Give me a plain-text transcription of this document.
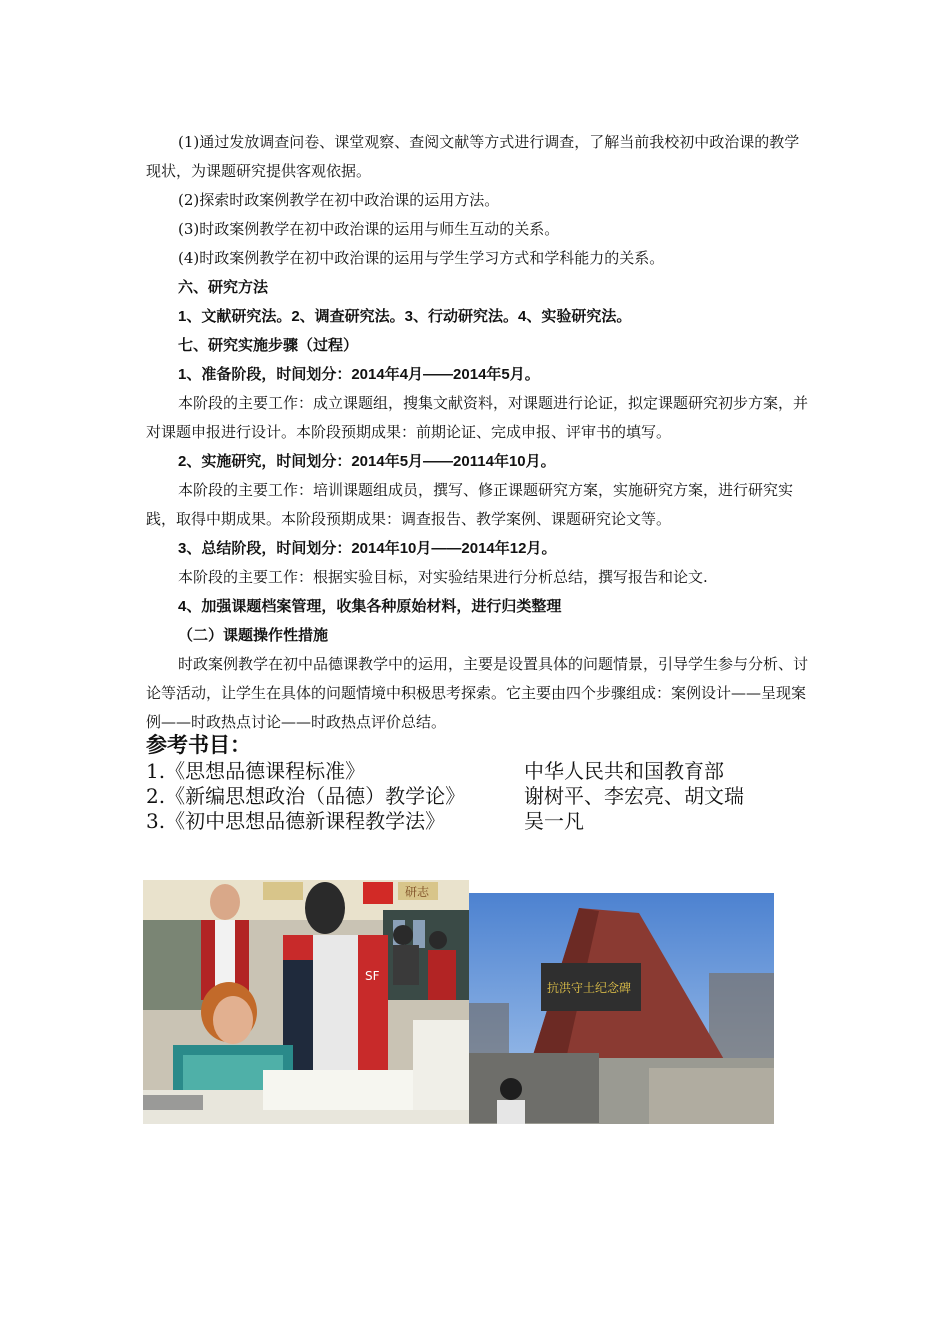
(1)通过发放调查问卷、课堂观察、查阅文献等方式进行调查，了解当前我校初中政治课的教学现状，为课题研究提供客观依据。

(2)探索时政案例教学在初中政治课的运用方法。

(3)时政案例教学在初中政治课的运用与师生互动的关系。

(4)时政案例教学在初中政治课的运用与学生学习方式和学科能力的关系。

六、研究方法

1、文献研究法。2、调查研究法。3、行动研究法。4、实验研究法。

七、研究实施步骤（过程）

1、准备阶段，时间划分：2014年4月——2014年5月。

本阶段的主要工作：成立课题组，搜集文献资料，对课题进行论证，拟定课题研究初步方案，并对课题申报进行设计。本阶段预期成果：前期论证、完成申报、评审书的填写。

2、实施研究，时间划分：2014年5月——20114年10月。

本阶段的主要工作：培训课题组成员，撰写、修正课题研究方案，实施研究方案，进行研究实践，取得中期成果。本阶段预期成果：调查报告、教学案例、课题研究论文等。

3、总结阶段，时间划分：2014年10月——2014年12月。

本阶段的主要工作：根据实验目标，对实验结果进行分析总结，撰写报告和论文.

4、加强课题档案管理，收集各种原始材料，进行归类整理

（二）课题操作性措施

时政案例教学在初中品德课教学中的运用，主要是设置具体的问题情景，引导学生参与分析、讨论等活动，让学生在具体的问题情境中积极思考探索。它主要由四个步骤组成：案例设计——呈现案例——时政热点讨论——时政热点评价总结。

参考书目：
1.《思想品德课程标准》	中华人民共和国教育部
2.《新编思想政治（品德）教学论》	谢树平、李宏亮、胡文瑞
3.《初中思想品德新课程教学法》	吴一凡
研志
SF
抗洪守土纪念碑
